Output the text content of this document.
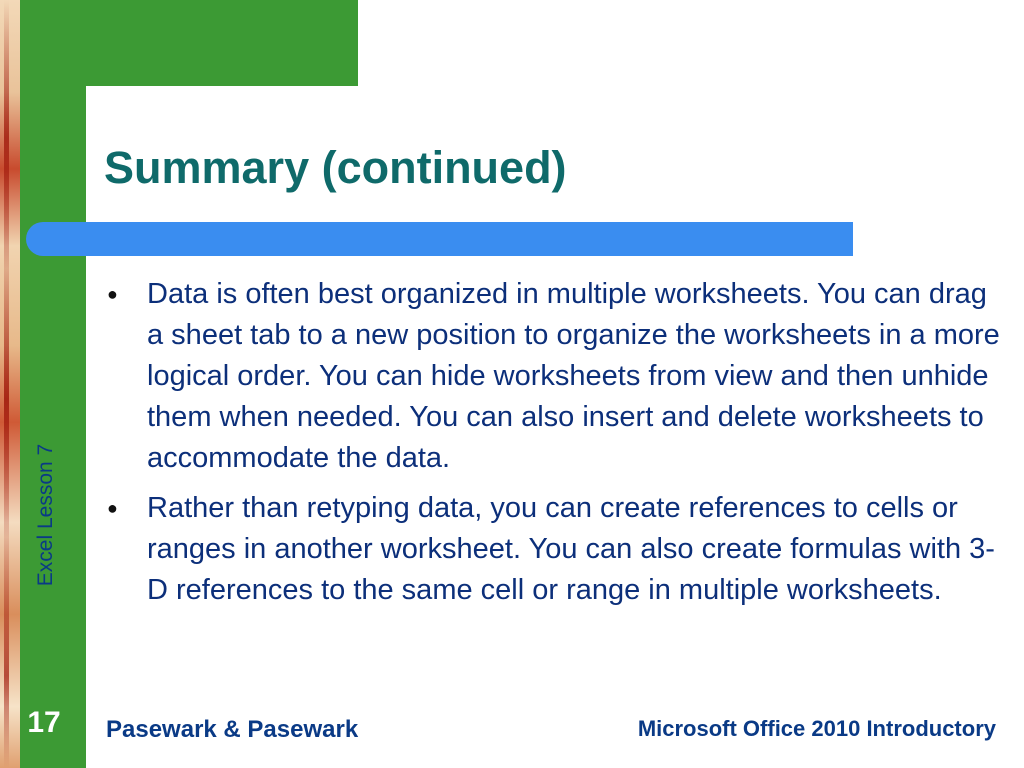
Excel Lesson 7
Summary (continued)
●	Data is often best organized in multiple worksheets. You can drag a sheet tab to a new position to organize the worksheets in a more logical order. You can hide worksheets from view and then unhide them when needed. You can also insert and delete worksheets to accommodate the data.
●	Rather than retyping data, you can create references to cells or ranges in another worksheet. You can also create formulas with 3-D references to the same cell or range in multiple worksheets.
17 Pasewark & Pasewark	Microsoft Office 2010 Introductory
